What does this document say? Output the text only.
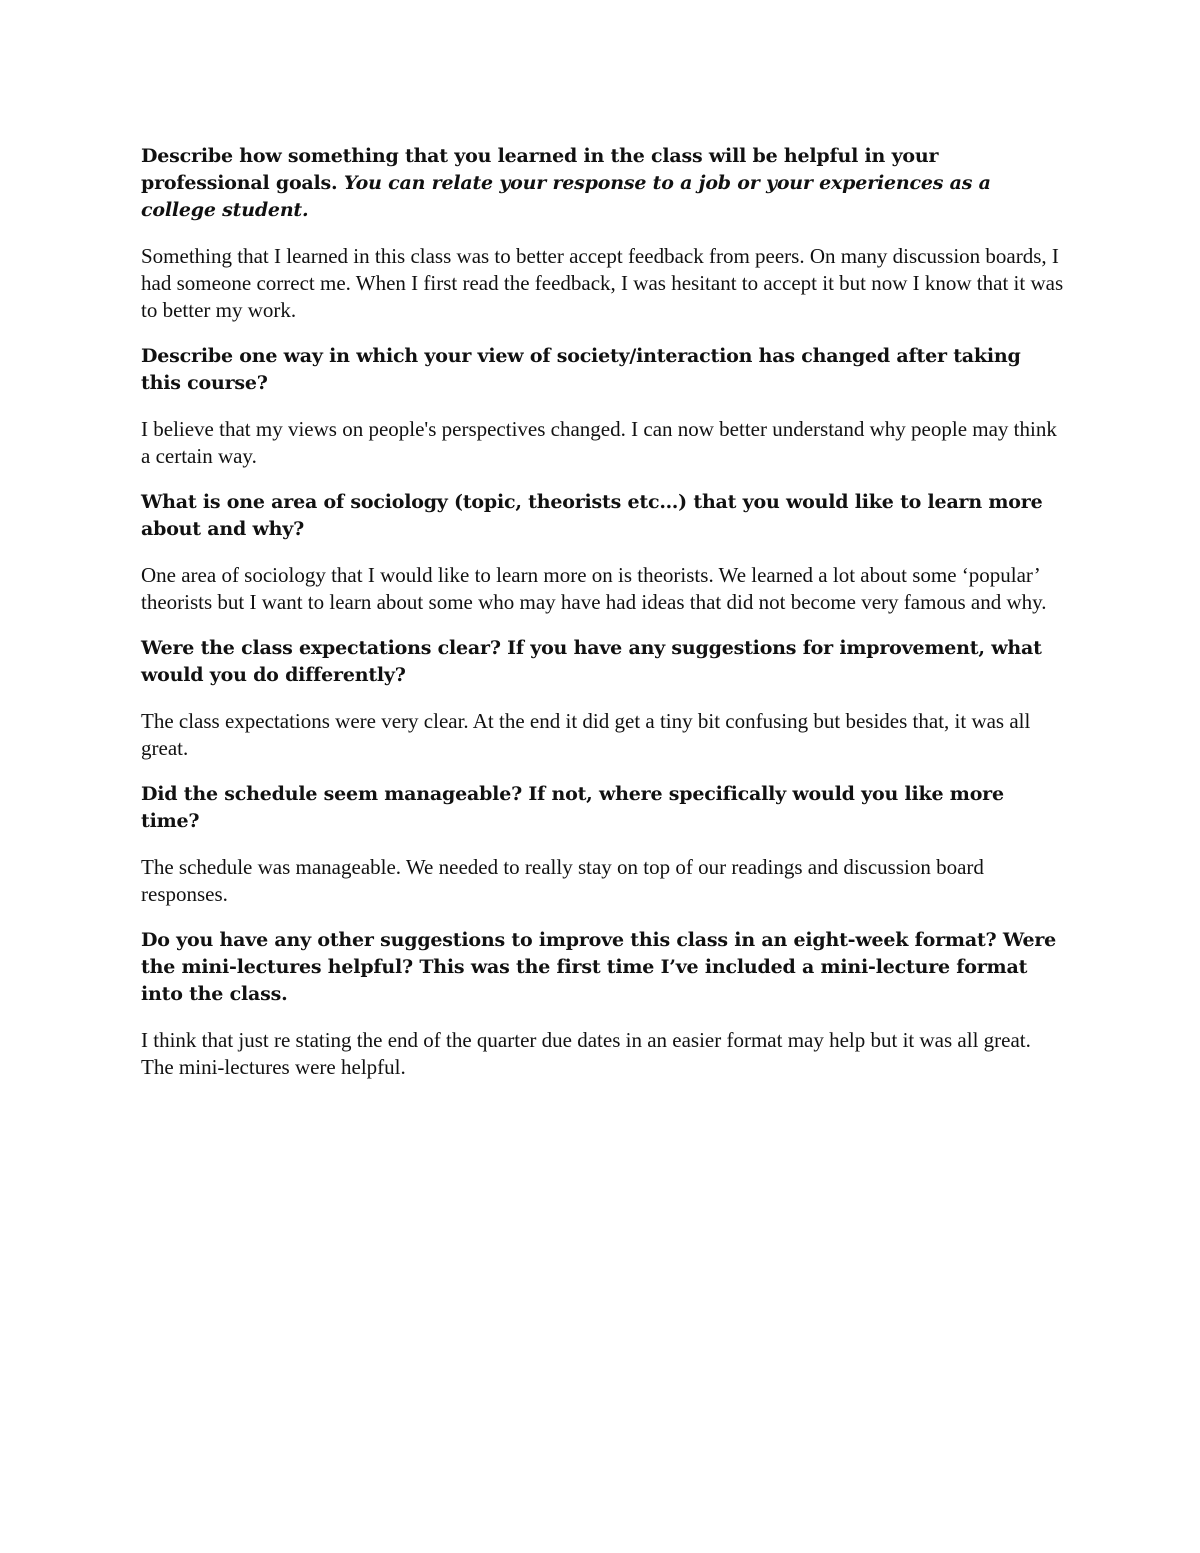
Describe how something that you learned in the class will be helpful in your professional goals. You can relate your response to a job or your experiences as a college student.

Something that I learned in this class was to better accept feedback from peers. On many discussion boards, I had someone correct me. When I first read the feedback, I was hesitant to accept it but now I know that it was to better my work.

Describe one way in which your view of society/interaction has changed after taking this course?

I believe that my views on people's perspectives changed. I can now better understand why people may think a certain way.

What is one area of sociology (topic, theorists etc…) that you would like to learn more about and why?

One area of sociology that I would like to learn more on is theorists. We learned a lot about some ‘popular’ theorists but I want to learn about some who may have had ideas that did not become very famous and why.

Were the class expectations clear? If you have any suggestions for improvement, what would you do differently?

The class expectations were very clear. At the end it did get a tiny bit confusing but besides that, it was all great.

Did the schedule seem manageable? If not, where specifically would you like more time?

The schedule was manageable. We needed to really stay on top of our readings and discussion board responses.

Do you have any other suggestions to improve this class in an eight-week format? Were the mini-lectures helpful? This was the first time I’ve included a mini-lecture format into the class.

I think that just re stating the end of the quarter due dates in an easier format may help but it was all great. The mini-lectures were helpful.
